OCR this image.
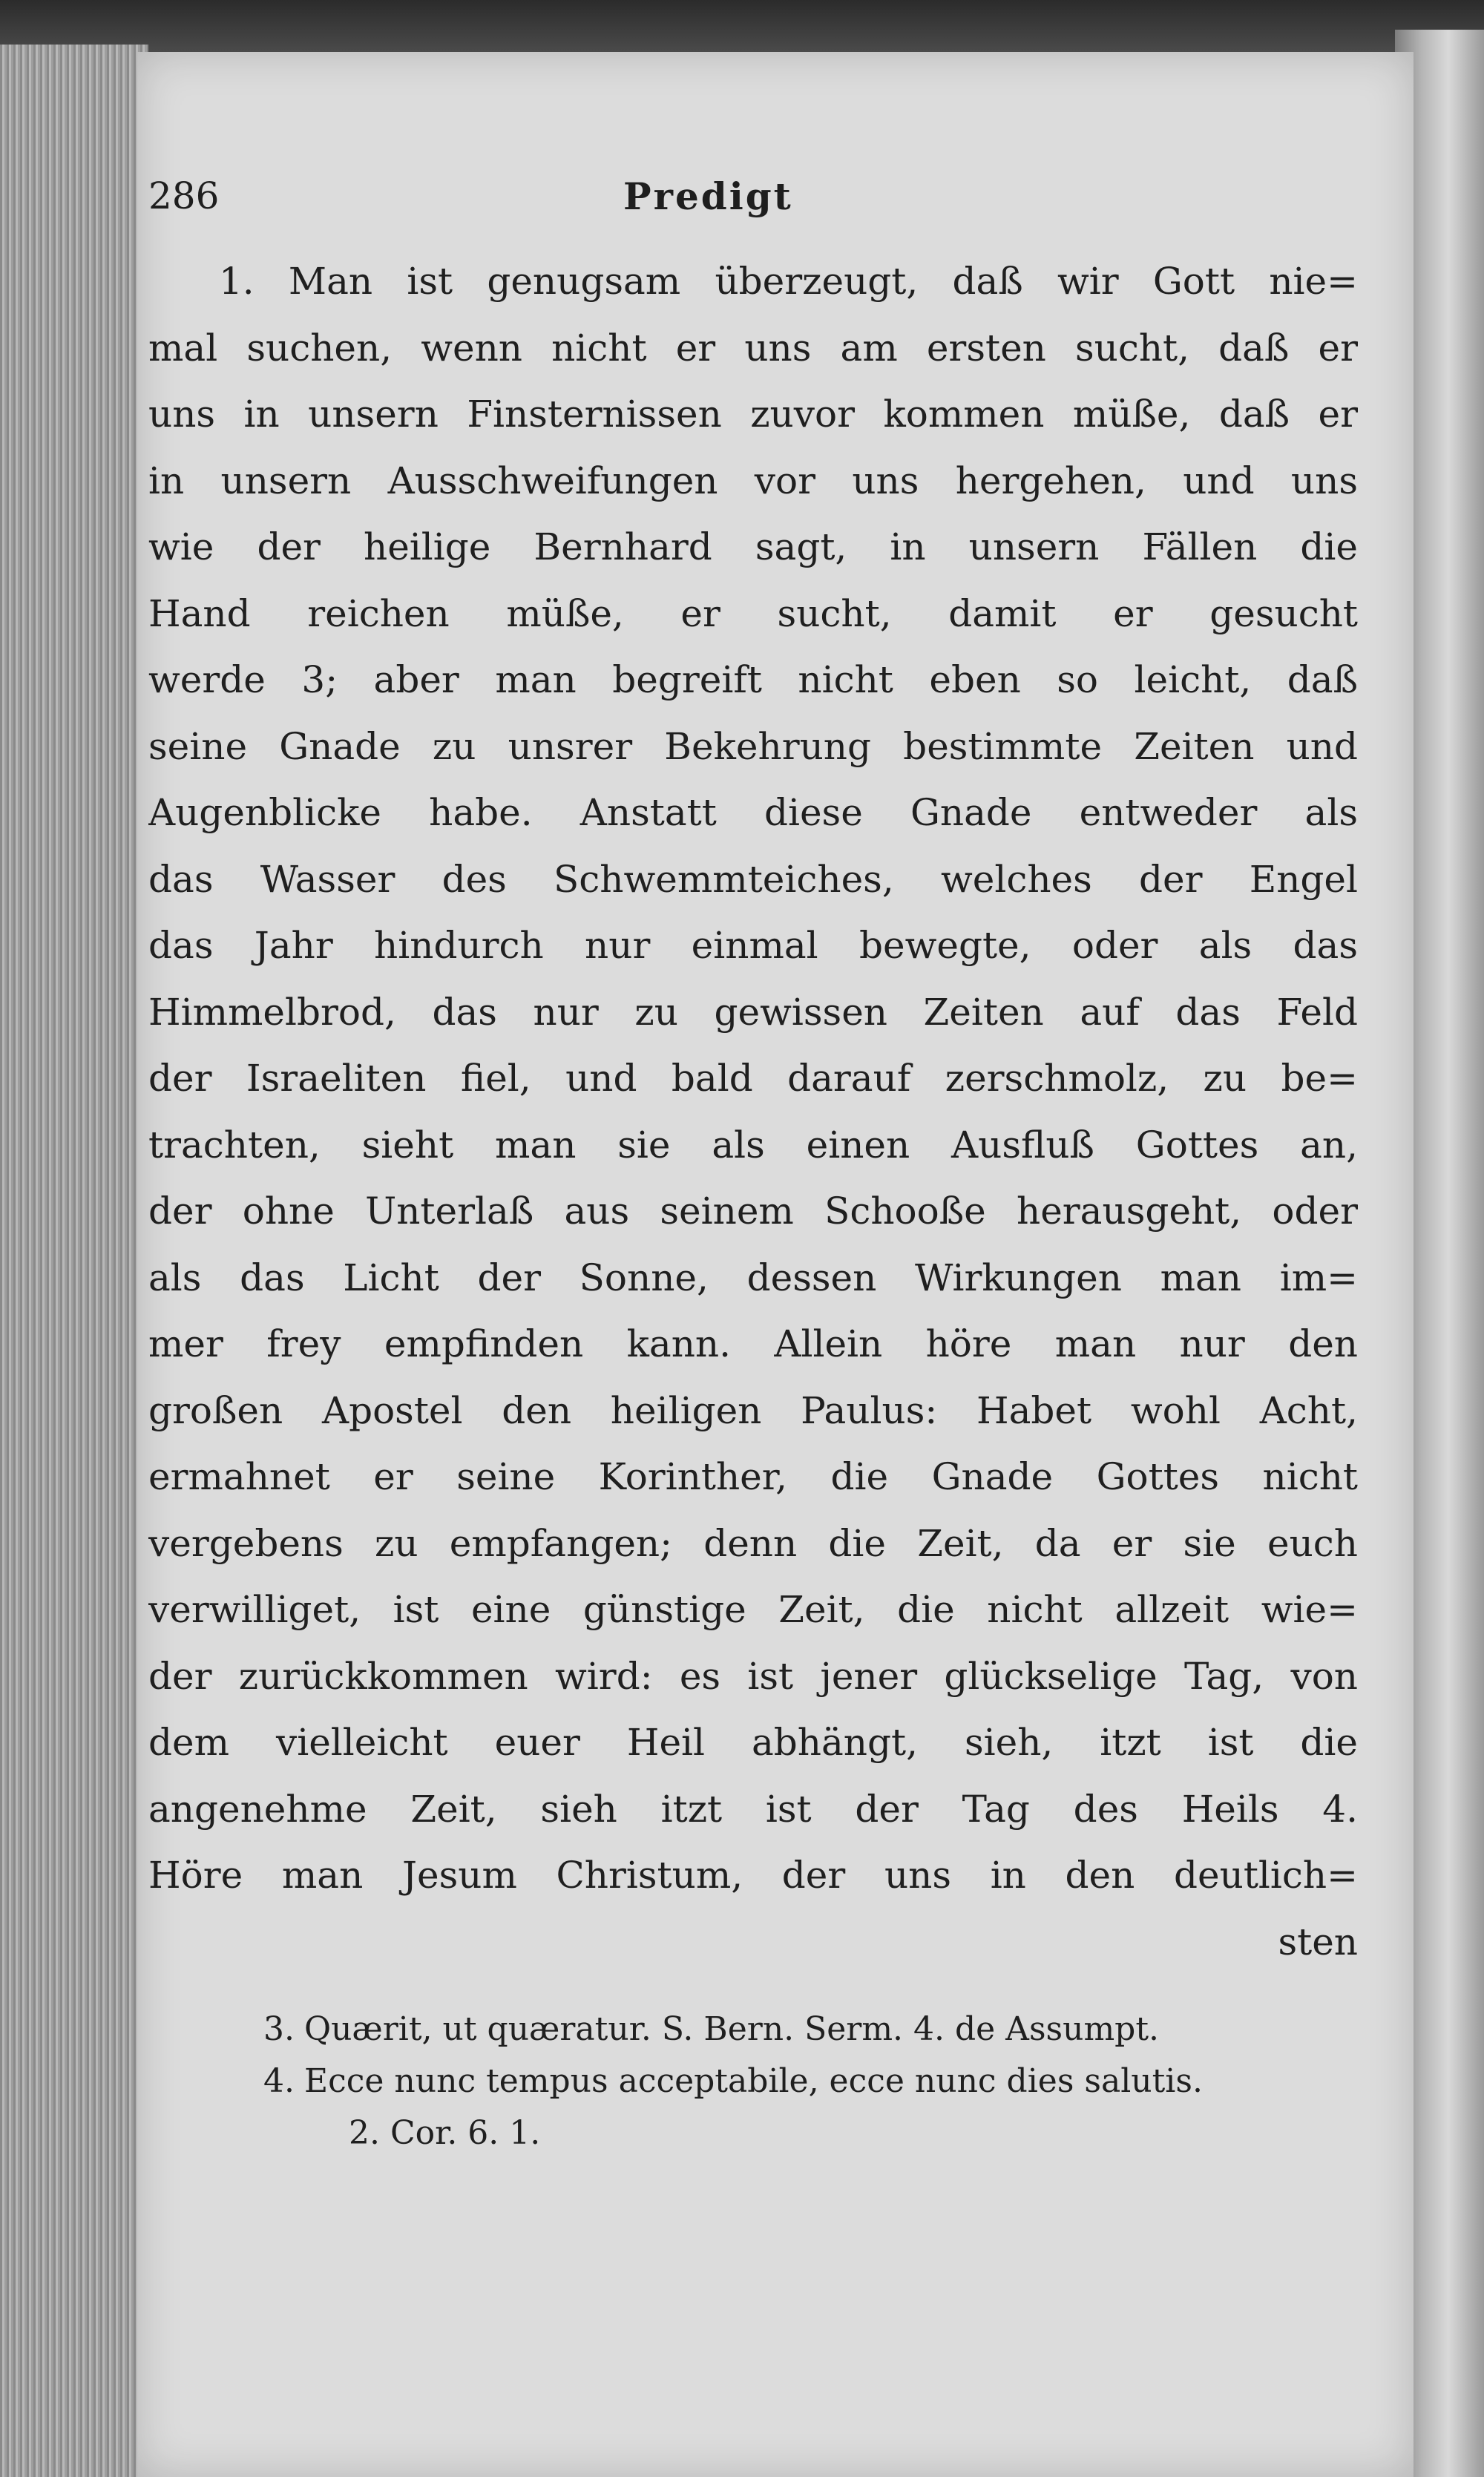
286	Predigt
1. Man ist genugsam überzeugt, daß wir Gott nie=
mal suchen, wenn nicht er uns am ersten sucht, daß er
uns in unsern Finsternissen zuvor kommen müße, daß er
in unsern Ausschweifungen vor uns hergehen, und uns
wie der heilige Bernhard sagt, in unsern Fällen die
Hand reichen müße, er sucht, damit er gesucht
werde 3; aber man begreift nicht eben so leicht, daß
seine Gnade zu unsrer Bekehrung bestimmte Zeiten und
Augenblicke habe. Anstatt diese Gnade entweder als
das Wasser des Schwemmteiches, welches der Engel
das Jahr hindurch nur einmal bewegte, oder als das
Himmelbrod, das nur zu gewissen Zeiten auf das Feld
der Israeliten fiel, und bald darauf zerschmolz, zu be=
trachten, sieht man sie als einen Ausfluß Gottes an,
der ohne Unterlaß aus seinem Schooße herausgeht, oder
als das Licht der Sonne, dessen Wirkungen man im=
mer frey empfinden kann. Allein höre man nur den
großen Apostel den heiligen Paulus: Habet wohl Acht,
ermahnet er seine Korinther, die Gnade Gottes nicht
vergebens zu empfangen; denn die Zeit, da er sie euch
verwilliget, ist eine günstige Zeit, die nicht allzeit wie=
der zurückkommen wird: es ist jener glückselige Tag, von
dem vielleicht euer Heil abhängt, sieh, itzt ist die
angenehme Zeit, sieh itzt ist der Tag des Heils 4.
Höre man Jesum Christum, der uns in den deutlich=
sten
3. Quærit, ut quæratur. S. Bern. Serm. 4. de Assumpt.
4. Ecce nunc tempus acceptabile, ecce nunc dies salutis.
2. Cor. 6. 1.
